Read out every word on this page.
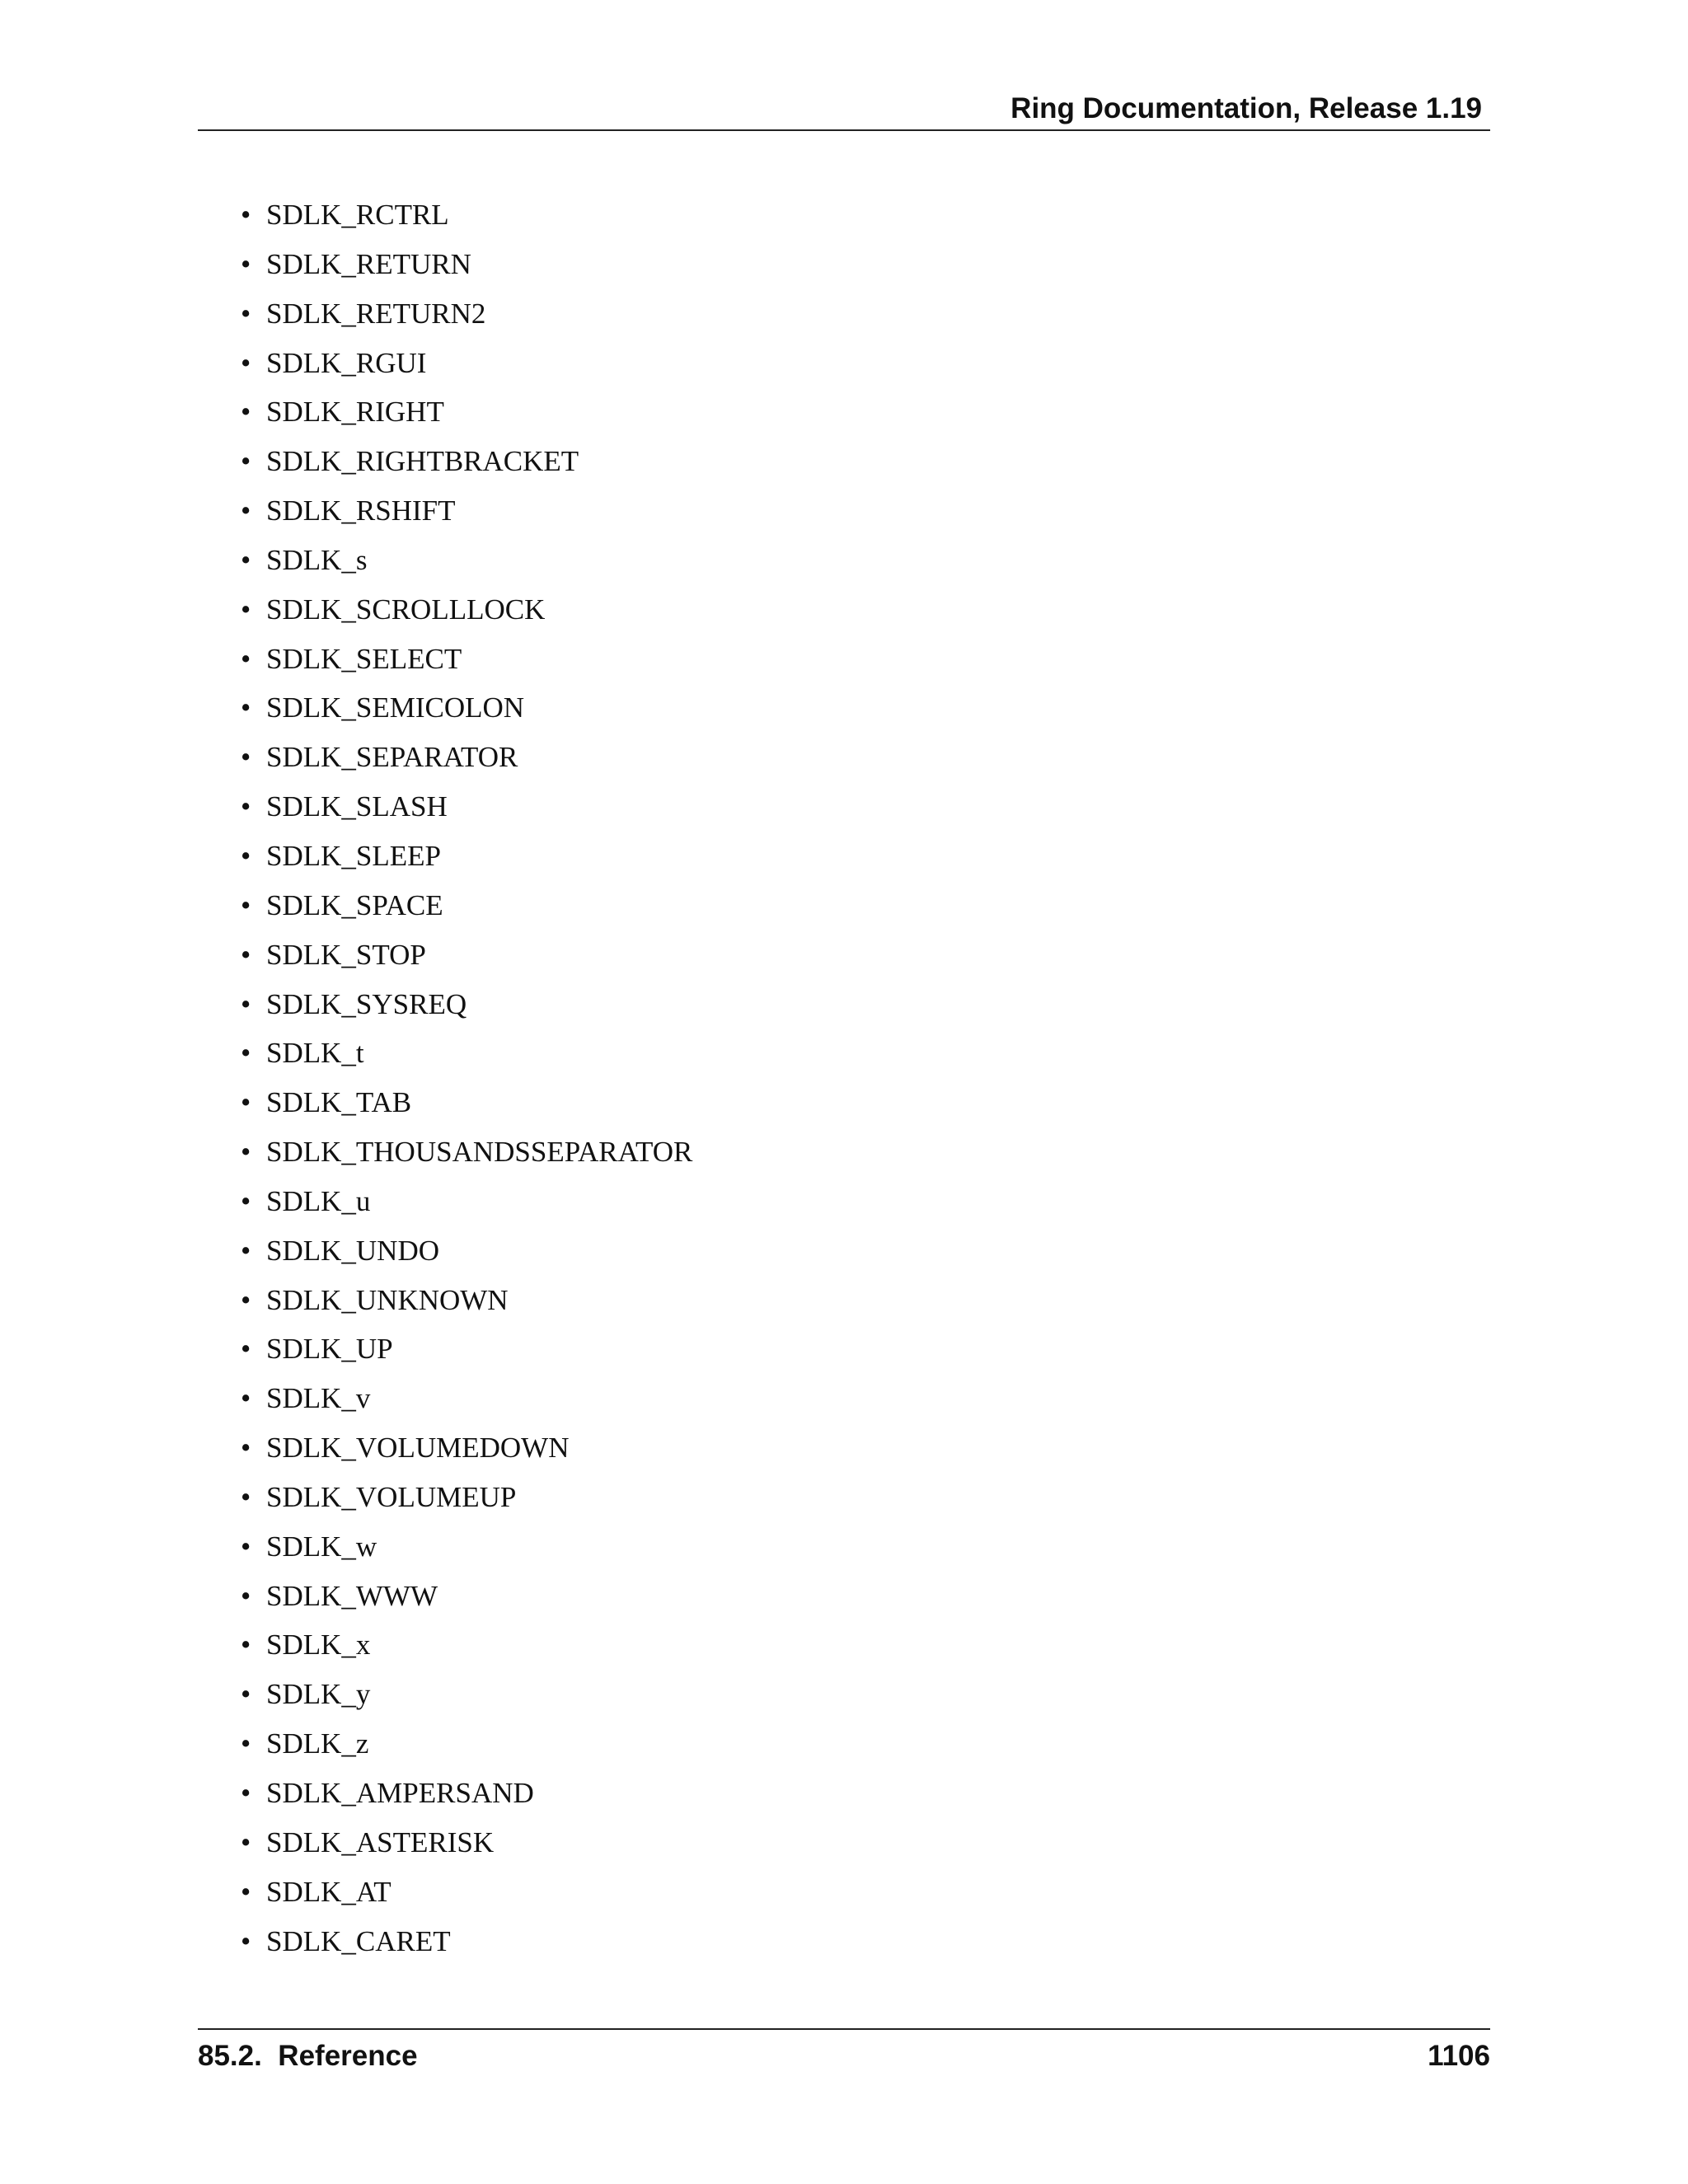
Ring Documentation, Release 1.19
• SDLK_RCTRL
• SDLK_RETURN
• SDLK_RETURN2
• SDLK_RGUI
• SDLK_RIGHT
• SDLK_RIGHTBRACKET
• SDLK_RSHIFT
• SDLK_s
• SDLK_SCROLLLOCK
• SDLK_SELECT
• SDLK_SEMICOLON
• SDLK_SEPARATOR
• SDLK_SLASH
• SDLK_SLEEP
• SDLK_SPACE
• SDLK_STOP
• SDLK_SYSREQ
• SDLK_t
• SDLK_TAB
• SDLK_THOUSANDSSEPARATOR
• SDLK_u
• SDLK_UNDO
• SDLK_UNKNOWN
• SDLK_UP
• SDLK_v
• SDLK_VOLUMEDOWN
• SDLK_VOLUMEUP
• SDLK_w
• SDLK_WWW
• SDLK_x
• SDLK_y
• SDLK_z
• SDLK_AMPERSAND
• SDLK_ASTERISK
• SDLK_AT
• SDLK_CARET
85.2.  Reference	1106
